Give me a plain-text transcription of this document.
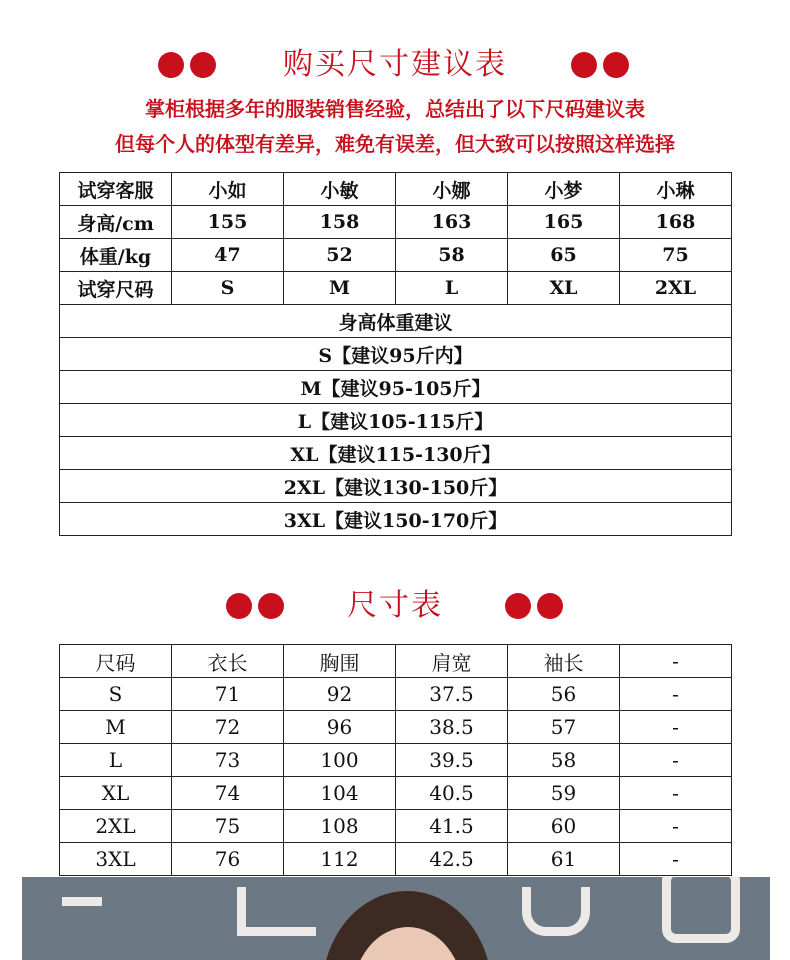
购买尺寸建议表
掌柜根据多年的服装销售经验，总结出了以下尺码建议表
但每个人的体型有差异，难免有误差，但大致可以按照这样选择
试穿客服	小如	小敏	小娜	小梦	小琳
身高/cm	155	158	163	165	168
体重/kg	47	52	58	65	75
试穿尺码	S	M	L	XL	2XL
身高体重建议					
S【建议95斤内】					
M【建议95-105斤】					
L【建议105-115斤】					
XL【建议115-130斤】					
2XL【建议130-150斤】					
3XL【建议150-170斤】					
尺寸表
尺码	衣长	胸围	肩宽	袖长	-
S	71	92	37.5	56	-
M	72	96	38.5	57	-
L	73	100	39.5	58	-
XL	74	104	40.5	59	-
2XL	75	108	41.5	60	-
3XL	76	112	42.5	61	-
